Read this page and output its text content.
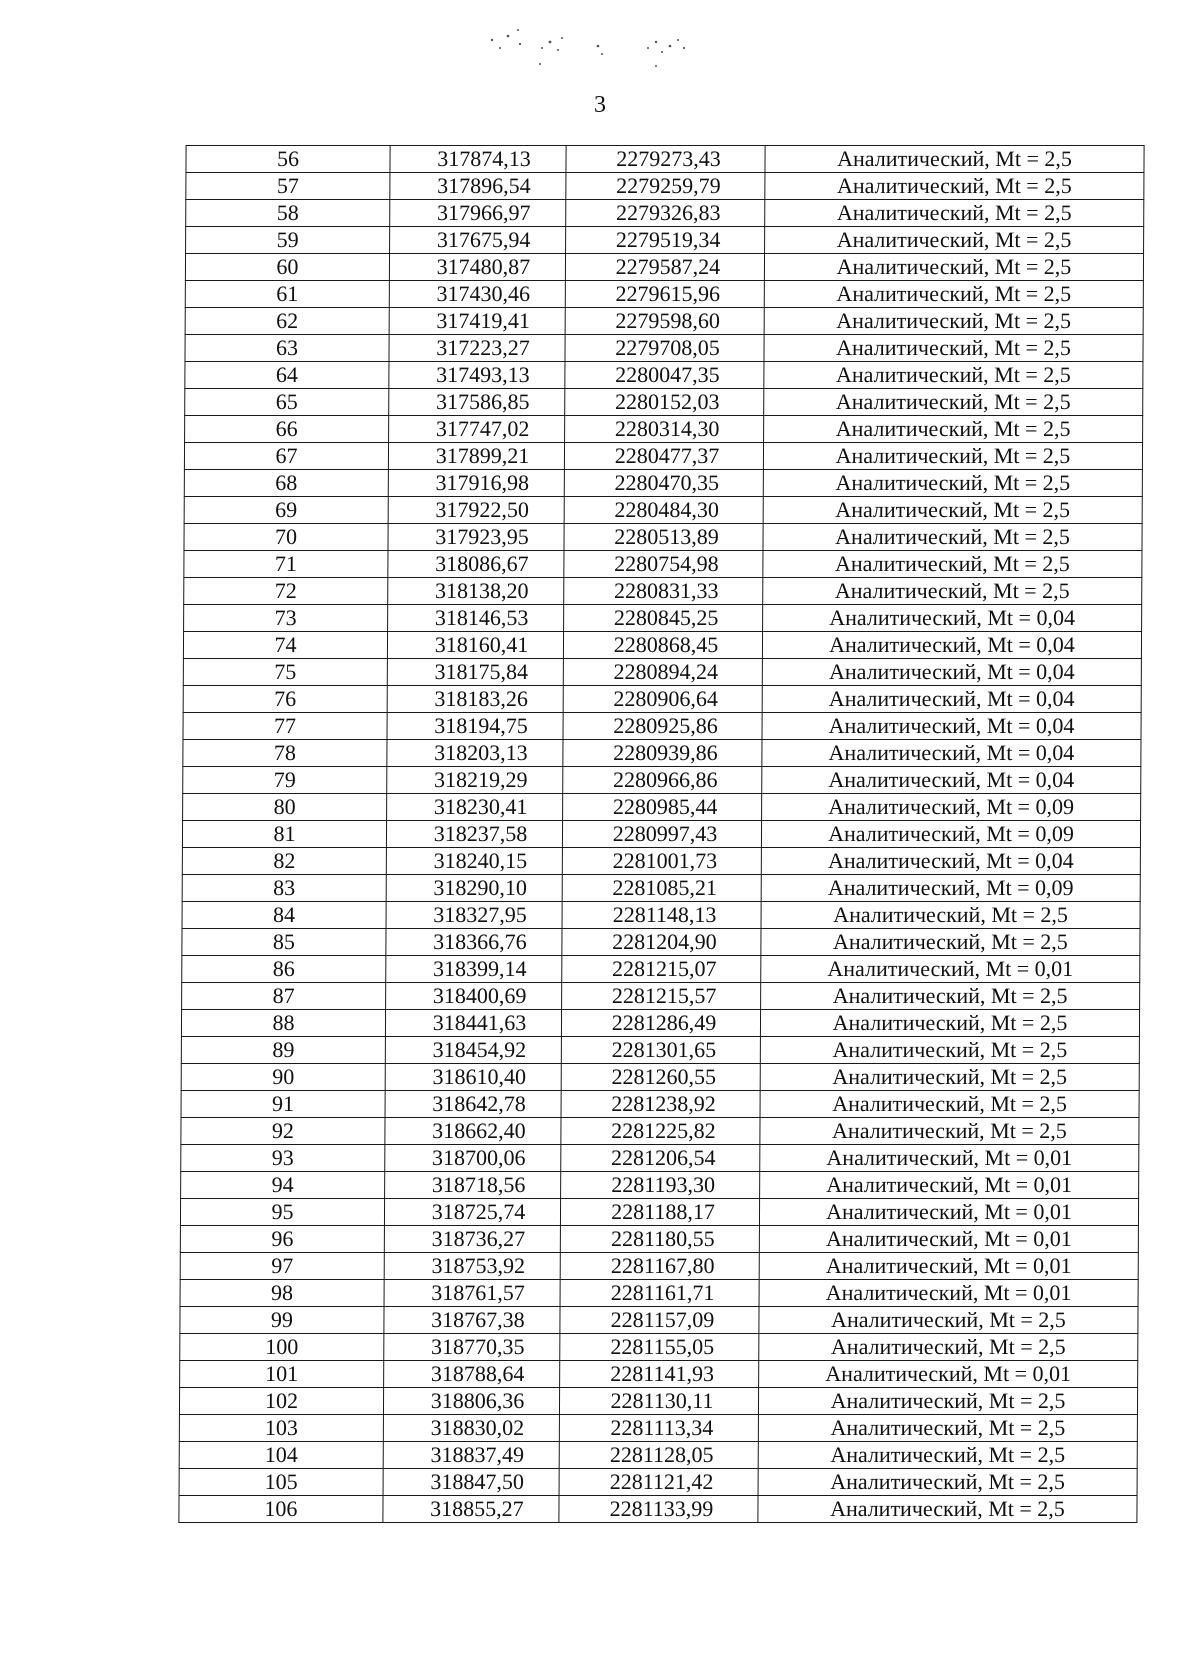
3
56	317874,13	2279273,43	Аналитический, Mt = 2,5
57	317896,54	2279259,79	Аналитический, Mt = 2,5
58	317966,97	2279326,83	Аналитический, Mt = 2,5
59	317675,94	2279519,34	Аналитический, Mt = 2,5
60	317480,87	2279587,24	Аналитический, Mt = 2,5
61	317430,46	2279615,96	Аналитический, Mt = 2,5
62	317419,41	2279598,60	Аналитический, Mt = 2,5
63	317223,27	2279708,05	Аналитический, Mt = 2,5
64	317493,13	2280047,35	Аналитический, Mt = 2,5
65	317586,85	2280152,03	Аналитический, Mt = 2,5
66	317747,02	2280314,30	Аналитический, Mt = 2,5
67	317899,21	2280477,37	Аналитический, Mt = 2,5
68	317916,98	2280470,35	Аналитический, Mt = 2,5
69	317922,50	2280484,30	Аналитический, Mt = 2,5
70	317923,95	2280513,89	Аналитический, Mt = 2,5
71	318086,67	2280754,98	Аналитический, Mt = 2,5
72	318138,20	2280831,33	Аналитический, Mt = 2,5
73	318146,53	2280845,25	Аналитический, Mt = 0,04
74	318160,41	2280868,45	Аналитический, Mt = 0,04
75	318175,84	2280894,24	Аналитический, Mt = 0,04
76	318183,26	2280906,64	Аналитический, Mt = 0,04
77	318194,75	2280925,86	Аналитический, Mt = 0,04
78	318203,13	2280939,86	Аналитический, Mt = 0,04
79	318219,29	2280966,86	Аналитический, Mt = 0,04
80	318230,41	2280985,44	Аналитический, Mt = 0,09
81	318237,58	2280997,43	Аналитический, Mt = 0,09
82	318240,15	2281001,73	Аналитический, Mt = 0,04
83	318290,10	2281085,21	Аналитический, Mt = 0,09
84	318327,95	2281148,13	Аналитический, Mt = 2,5
85	318366,76	2281204,90	Аналитический, Mt = 2,5
86	318399,14	2281215,07	Аналитический, Mt = 0,01
87	318400,69	2281215,57	Аналитический, Mt = 2,5
88	318441,63	2281286,49	Аналитический, Mt = 2,5
89	318454,92	2281301,65	Аналитический, Mt = 2,5
90	318610,40	2281260,55	Аналитический, Mt = 2,5
91	318642,78	2281238,92	Аналитический, Mt = 2,5
92	318662,40	2281225,82	Аналитический, Mt = 2,5
93	318700,06	2281206,54	Аналитический, Mt = 0,01
94	318718,56	2281193,30	Аналитический, Mt = 0,01
95	318725,74	2281188,17	Аналитический, Mt = 0,01
96	318736,27	2281180,55	Аналитический, Mt = 0,01
97	318753,92	2281167,80	Аналитический, Mt = 0,01
98	318761,57	2281161,71	Аналитический, Mt = 0,01
99	318767,38	2281157,09	Аналитический, Mt = 2,5
100	318770,35	2281155,05	Аналитический, Mt = 2,5
101	318788,64	2281141,93	Аналитический, Mt = 0,01
102	318806,36	2281130,11	Аналитический, Mt = 2,5
103	318830,02	2281113,34	Аналитический, Mt = 2,5
104	318837,49	2281128,05	Аналитический, Mt = 2,5
105	318847,50	2281121,42	Аналитический, Mt = 2,5
106	318855,27	2281133,99	Аналитический, Mt = 2,5
